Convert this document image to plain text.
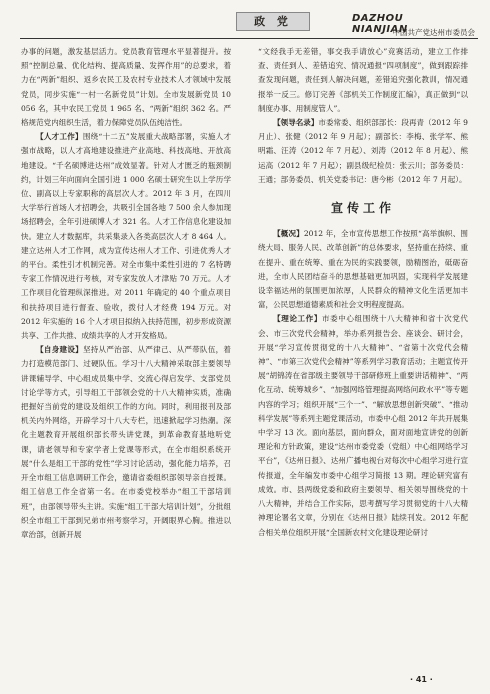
政 党	DAZHOU NIANJIAN
中国共产党达州市委员会

办事的问题，激发基层活力。党员教育管理水平显著提升。按照“控制总量、优化结构、提高质量、发挥作用”的总要求，着力在“两新”组织、返乡农民工及农村专业技术人才领域中发展党员，同步实施“一村一名新党员”计划。全市发展新党员 10 056 名，其中农民工党员 1 965 名、“两新”组织 362 名。严格规范党内组织生活，着力保障党员队伍纯洁性。

【人才工作】围绕“十二五”发展重大战略部署，实施人才强市战略，以人才高地建设推进产业高地、科技高地、开放高地建设。“千名硕博进达州”成效显著。针对人才匮乏的瓶颈制约，计划三年向面向全国引进 1 000 名硕士研究生以上学历学位、副高以上专家职称的高层次人才。2012 年 3 月，在四川大学举行首场人才招聘会，共吸引全国各地 7 500 余人参加现场招聘会，全年引进硕博人才 321 名。人才工作信息化建设加快。建立人才数据库，共采集录入各类高层次人才 8 464 人。建立达州人才工作网，成为宣传达州人才工作、引进优秀人才的平台。柔性引才机制完善。对全市集中柔性引进的 7 名特聘专家工作情况进行考核，对专家发放人才津贴 70 万元。人才工作项目化管理纵深推进。对 2011 年确定的 40 个重点项目和扶持项目进行督查、验收，拨付人才经费 194 万元。对 2012 年实施的 16 个人才项目拟纳入扶持范围，初步形成资源共享、工作共推、成绩共享的人才开发格局。

【自身建设】坚持从严治部、从严律己、从严带队伍，着力打造模范部门、过硬队伍。学习十八大精神采取部主要领导讲课辅导学、中心组成员集中学、交流心得启发学、支部党员讨论学等方式，引导组工干部领会党的十八大精神实质，准确把握好当前党的建设及组织工作的方向。同时，利用报刊及部机关内外网络，开辟学习十八大专栏，迅速掀起学习热潮。深化主题教育开展组织部长带头讲党课，到革命教育基地听党课，请老领导和专家学者上党课等形式，在全市组织系统开展“什么是组工干部的党性”学习讨论活动，强化能力培养，召开全市组工信息调研工作会，邀请省委组织部领导亲自授课。组工信息工作全省第一名。在市委党校举办“组工干部培训班”，由部领导带头主讲。实施“组工干部大培训计划”，分批组织全市组工干部到兄弟市州考察学习，开阔眼界心胸。推进以章治部，创新开展

“文经我手无差错，事交我手请放心”竞赛活动，建立工作排查、责任到人、差错追究、情况通报“四项制度”，做到跟踪排查发现问题，责任到人解决问题，差错追究强化教训，情况通报举一反三。修订完善《部机关工作制度汇编》，真正做到“以制度办事、用制度管人”。

【领导名录】市委常委、组织部部长：段再青（2012 年 9 月止）、张健（2012 年 9 月起）；副部长：李梅、张学军、熊明霜、汪涛（2012 年 7 月起）、刘涛（2012 年 8 月起）、熊运高（2012 年 7 月起）；副县级纪检员：张云川；部务委员：王通；部务委员、机关党委书记：唐今彬（2012 年 7 月起）。

宣传工作

【概况】2012 年，全市宣传思想工作按照“高举旗帜、围绕大局、服务人民、改革创新”的总体要求，坚持重在持续、重在提升、重在统筹、重在为民的实践要领，励精图治，砥砺奋进，全市人民团结奋斗的思想基础更加巩固，实现科学发展建设幸福达州的氛围更加浓厚，人民群众的精神文化生活更加丰富，公民思想道德素质和社会文明程度提高。

【理论工作】市委中心组围绕十八大精神和省十次党代会、市三次党代会精神，举办系列报告会、座谈会、研讨会，开展“学习宣传贯彻党的十八大精神”、“省第十次党代会精神”、“市第三次党代会精神”等系列学习教育活动；主题宣传开展“胡锦涛在省部级主要领导干部研修班上重要讲话精神”、“两化互动、统筹城乡”、“加强网络管理提高网络问政水平”等专题内容的学习；组织开展“三个一”、“解放思想创新突破”、“推动科学发展”等系列主题党课活动，市委中心组 2012 年共开展集中学习 13 次。面向基层，面向群众，面对面地宣讲党的创新理论和方针政策，建设“达州市委党委（党组）中心组网络学习平台”，《达州日报》、达州广播电视台对每次中心组学习进行宣传报道，全年编发市委中心组学习简报 13 期。理论研究富有成效。市、县两级党委和政府主要领导、相关领导围绕党的十八大精神，并结合工作实际，思考撰写学习贯彻党的十八大精神理论署名文章，分别在《达州日报》陆续刊发。2012 年配合相关单位组织开展“全国新农村文化建设理论研讨

· 41 ·
